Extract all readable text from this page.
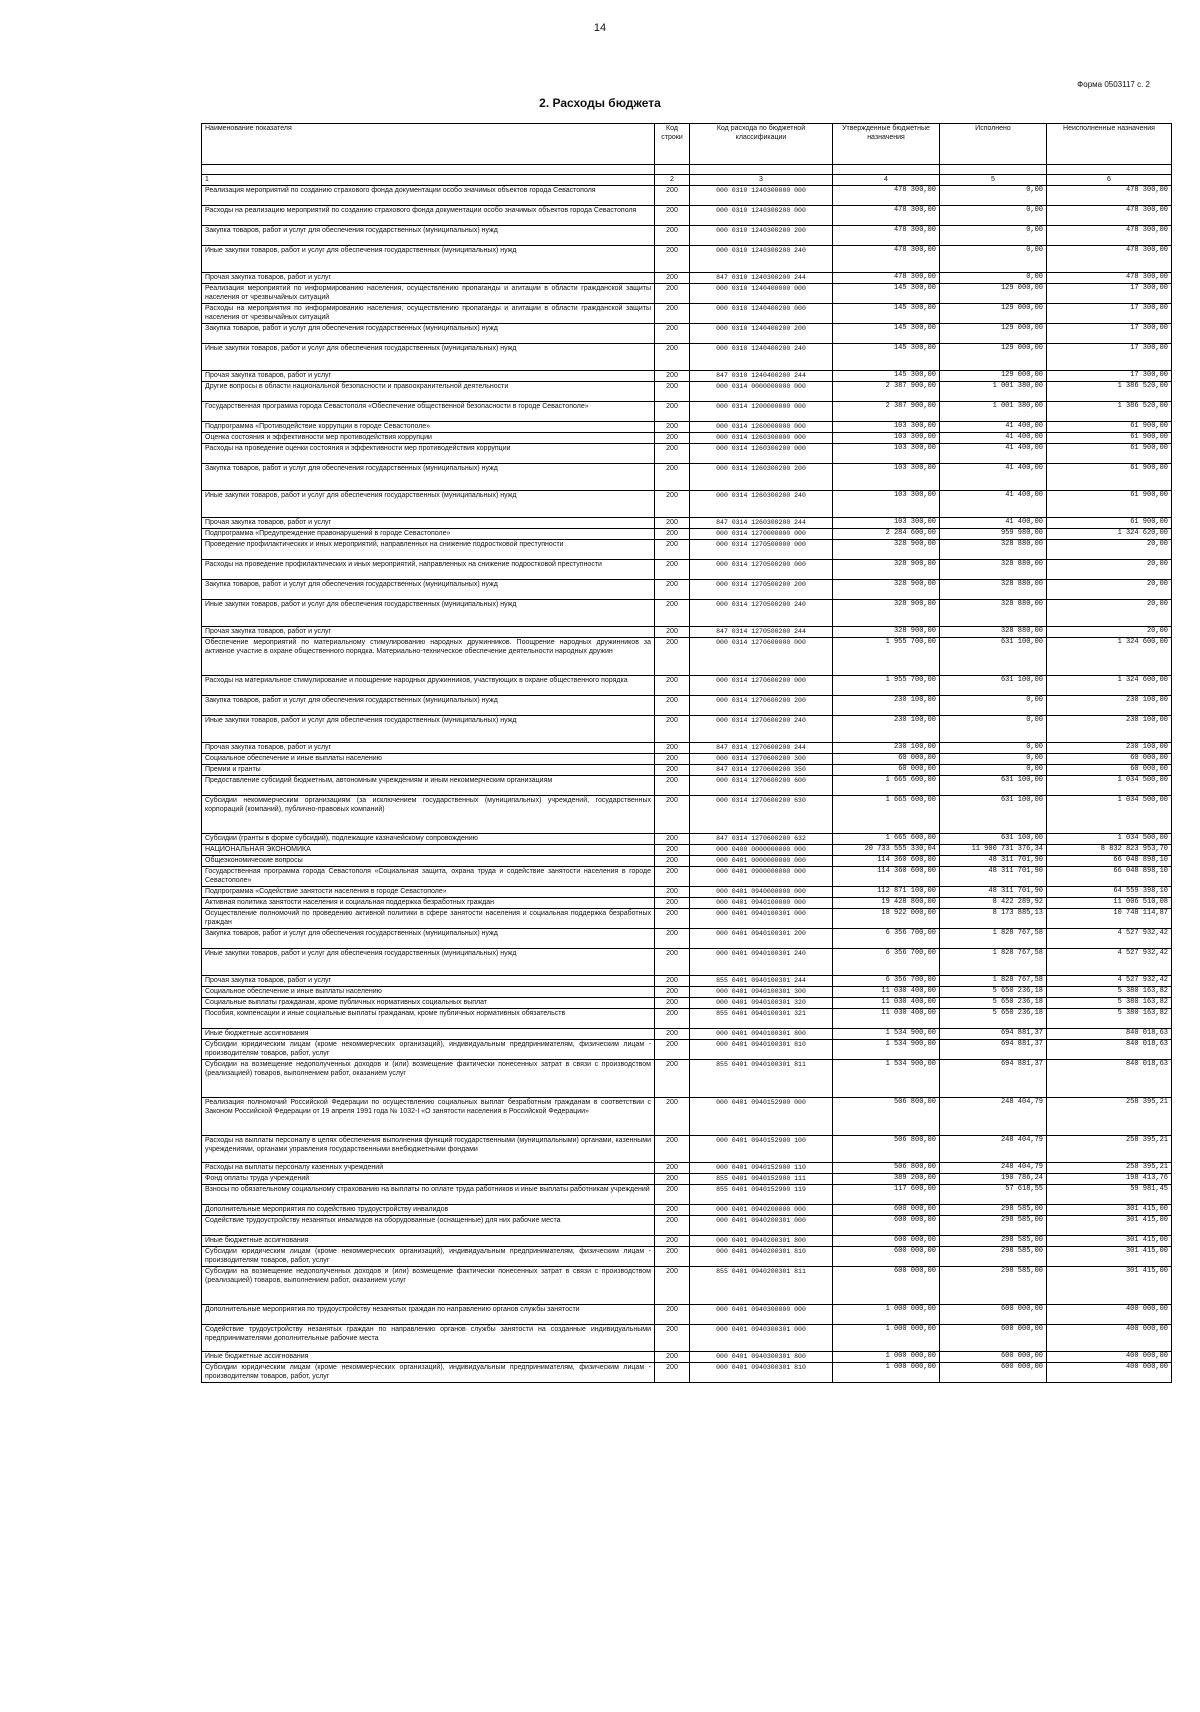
14
Форма 0503117 с. 2
2. Расходы бюджета
Наименование показателя	Код строки	Код расхода по бюджетной классификации	Утвержденные бюджетные назначения	Исполнено	Неисполненные назначения

1	2	3	4	5	6
Реализация мероприятий по созданию страхового фонда документации особо значимых объектов города Севастополя	200	000 0310 1240300000 000	478 300,00	0,00	478 300,00
Расходы на реализацию мероприятий по созданию страхового фонда документации особо значимых объектов города Севастополя	200	000 0310 1240300200 000	478 300,00	0,00	478 300,00
Закупка товаров, работ и услуг для обеспечения государственных (муниципальных) нужд	200	000 0310 1240300200 200	478 300,00	0,00	478 300,00
Иные закупки товаров, работ и услуг для обеспечения государственных (муниципальных) нужд	200	000 0310 1240300200 240	478 300,00	0,00	478 300,00
Прочая закупка товаров, работ и услуг	200	847 0310 1240300200 244	478 300,00	0,00	478 300,00
Реализация мероприятий по информированию населения, осуществлению пропаганды и агитации в области гражданской защиты населения от чрезвычайных ситуаций	200	000 0310 1240400000 000	145 300,00	129 000,00	17 300,00
Расходы на мероприятия по информированию населения, осуществлению пропаганды и агитации в области гражданской защиты населения от чрезвычайных ситуаций	200	000 0310 1240400200 000	145 300,00	129 000,00	17 300,00
Закупка товаров, работ и услуг для обеспечения государственных (муниципальных) нужд	200	000 0310 1240400200 200	145 300,00	129 000,00	17 300,00
Иные закупки товаров, работ и услуг для обеспечения государственных (муниципальных) нужд	200	000 0310 1240400200 240	145 300,00	129 000,00	17 300,00
Прочая закупка товаров, работ и услуг	200	847 0310 1240400200 244	145 300,00	129 000,00	17 300,00
Другие вопросы в области национальной безопасности и правоохранительной деятельности	200	000 0314 0000000000 000	2 387 900,00	1 001 380,00	1 386 520,00
Государственная программа города Севастополя «Обеспечение общественной безопасности в городе Севастополе»	200	000 0314 1200000000 000	2 387 900,00	1 001 380,00	1 386 520,00
Подпрограмма «Противодействие коррупции в городе Севастополе»	200	000 0314 1260000000 000	103 300,00	41 400,00	61 900,00
Оценка состояния и эффективности мер противодействия коррупции	200	000 0314 1260300000 000	103 300,00	41 400,00	61 900,00
Расходы на проведение оценки состояния и эффективности мер противодействия коррупции	200	000 0314 1260300200 000	103 300,00	41 400,00	61 900,00
Закупка товаров, работ и услуг для обеспечения государственных (муниципальных) нужд	200	000 0314 1260300200 200	103 300,00	41 400,00	61 900,00
Иные закупки товаров, работ и услуг для обеспечения государственных (муниципальных) нужд	200	000 0314 1260300200 240	103 300,00	41 400,00	61 900,00
Прочая закупка товаров, работ и услуг	200	847 0314 1260300200 244	103 300,00	41 400,00	61 900,00
Подпрограмма «Предупреждение правонарушений в городе Севастополе»	200	000 0314 1270000000 000	2 284 600,00	959 980,00	1 324 620,00
Проведение профилактических и иных мероприятий, направленных на снижение подростковой преступности	200	000 0314 1270500000 000	328 900,00	328 880,00	20,00
Расходы на проведение профилактических и иных мероприятий, направленных на снижение подростковой преступности	200	000 0314 1270500200 000	328 900,00	328 880,00	20,00
Закупка товаров, работ и услуг для обеспечения государственных (муниципальных) нужд	200	000 0314 1270500200 200	328 900,00	328 880,00	20,00
Иные закупки товаров, работ и услуг для обеспечения государственных (муниципальных) нужд	200	000 0314 1270500200 240	328 900,00	328 880,00	20,00
Прочая закупка товаров, работ и услуг	200	847 0314 1270500200 244	328 900,00	328 880,00	20,00
Обеспечение мероприятий по материальному стимулированию народных дружинников. Поощрение народных дружинников за активное участие в охране общественного порядка. Материально-техническое обеспечение деятельности народных дружин	200	000 0314 1270600000 000	1 955 700,00	631 100,00	1 324 600,00
Расходы на материальное стимулирование и поощрение народных дружинников, участвующих в охране общественного порядка	200	000 0314 1270600200 000	1 955 700,00	631 100,00	1 324 600,00
Закупка товаров, работ и услуг для обеспечения государственных (муниципальных) нужд	200	000 0314 1270600200 200	230 100,00	0,00	230 100,00
Иные закупки товаров, работ и услуг для обеспечения государственных (муниципальных) нужд	200	000 0314 1270600200 240	230 100,00	0,00	230 100,00
Прочая закупка товаров, работ и услуг	200	847 0314 1270600200 244	230 100,00	0,00	230 100,00
Социальное обеспечение и иные выплаты населению	200	000 0314 1270600200 300	60 000,00	0,00	60 000,00
Премии и гранты	200	847 0314 1270600200 350	60 000,00	0,00	60 000,00
Предоставление субсидий бюджетным, автономным учреждениям и иным некоммерческим организациям	200	000 0314 1270600200 600	1 665 600,00	631 100,00	1 034 500,00
Субсидии некоммерческим организациям (за исключением государственных (муниципальных) учреждений, государственных корпораций (компаний), публично-правовых компаний)	200	000 0314 1270600200 630	1 665 600,00	631 100,00	1 034 500,00
Субсидии (гранты в форме субсидий), подлежащие казначейскому сопровождению	200	847 0314 1270600200 632	1 665 600,00	631 100,00	1 034 500,00
НАЦИОНАЛЬНАЯ ЭКОНОМИКА	200	000 0400 0000000000 000	20 733 555 330,04	11 900 731 376,34	8 832 823 953,70
Общеэкономические вопросы	200	000 0401 0000000000 000	114 360 600,00	48 311 701,90	66 048 898,10
Государственная программа города Севастополя «Социальная защита, охрана труда и содействие занятости населения в городе Севастополе»	200	000 0401 0900000000 000	114 360 600,00	48 311 701,90	66 048 898,10
Подпрограмма «Содействие занятости населения в городе Севастополе»	200	000 0401 0940000000 000	112 871 100,00	48 311 701,90	64 559 398,10
Активная политика занятости населения и социальная поддержка безработных граждан	200	000 0401 0940100000 000	19 428 800,00	8 422 289,92	11 006 510,08
Осуществление полномочий по проведению активной политики в сфере занятости населения и социальная поддержка безработных граждан	200	000 0401 0940100301 000	18 922 000,00	8 173 885,13	10 748 114,87
Закупка товаров, работ и услуг для обеспечения государственных (муниципальных) нужд	200	000 0401 0940100301 200	6 356 700,00	1 828 767,58	4 527 932,42
Иные закупки товаров, работ и услуг для обеспечения государственных (муниципальных) нужд	200	000 0401 0940100301 240	6 356 700,00	1 828 767,58	4 527 932,42
Прочая закупка товаров, работ и услуг	200	855 0401 0940100301 244	6 356 700,00	1 828 767,58	4 527 932,42
Социальное обеспечение и иные выплаты населению	200	000 0401 0940100301 300	11 030 400,00	5 650 236,18	5 380 163,82
Социальные выплаты гражданам, кроме публичных нормативных социальных выплат	200	000 0401 0940100301 320	11 030 400,00	5 650 236,18	5 380 163,82
Пособия, компенсации и иные социальные выплаты гражданам, кроме публичных нормативных обязательств	200	855 0401 0940100301 321	11 030 400,00	5 650 236,18	5 380 163,82
Иные бюджетные ассигнования	200	000 0401 0940100301 800	1 534 900,00	694 881,37	840 018,63
Субсидии юридическим лицам (кроме некоммерческих организаций), индивидуальным предпринимателям, физическим лицам - производителям товаров, работ, услуг	200	000 0401 0940100301 810	1 534 900,00	694 881,37	840 018,63
Субсидии на возмещение недополученных доходов и (или) возмещение фактически понесенных затрат в связи с производством (реализацией) товаров, выполнением работ, оказанием услуг	200	855 0401 0940100301 811	1 534 900,00	694 881,37	840 018,63
Реализация полномочий Российской Федерации по осуществлению социальных выплат безработным гражданам в соответствии с Законом Российской Федерации от 19 апреля 1991 года № 1032-I «О занятости населения в Российской Федерации»	200	000 0401 0940152900 000	506 800,00	248 404,79	258 395,21
Расходы на выплаты персоналу в целях обеспечения выполнения функций государственными (муниципальными) органами, казенными учреждениями, органами управления государственными внебюджетными фондами	200	000 0401 0940152900 100	506 800,00	248 404,79	258 395,21
Расходы на выплаты персоналу казенных учреждений	200	000 0401 0940152900 110	506 800,00	248 404,79	258 395,21
Фонд оплаты труда учреждений	200	855 0401 0940152900 111	389 200,00	190 786,24	198 413,76
Взносы по обязательному социальному страхованию на выплаты по оплате труда работников и иные выплаты работникам учреждений	200	855 0401 0940152900 119	117 600,00	57 618,55	59 981,45
Дополнительные мероприятия по содействию трудоустройству инвалидов	200	000 0401 0940200000 000	600 000,00	298 585,00	301 415,00
Содействие трудоустройству незанятых инвалидов на оборудованные (оснащенные) для них рабочие места	200	000 0401 0940200301 000	600 000,00	298 585,00	301 415,00
Иные бюджетные ассигнования	200	000 0401 0940200301 800	600 000,00	298 585,00	301 415,00
Субсидии юридическим лицам (кроме некоммерческих организаций), индивидуальным предпринимателям, физическим лицам - производителям товаров, работ, услуг	200	000 0401 0940200301 810	600 000,00	298 585,00	301 415,00
Субсидии на возмещение недополученных доходов и (или) возмещение фактически понесенных затрат в связи с производством (реализацией) товаров, выполнением работ, оказанием услуг	200	855 0401 0940200301 811	600 000,00	298 585,00	301 415,00
Дополнительные мероприятия по трудоустройству незанятых граждан по направлению органов службы занятости	200	000 0401 0940300000 000	1 000 000,00	600 000,00	400 000,00
Содействие трудоустройству незанятых граждан по направлению органов службы занятости на созданные индивидуальными предпринимателями дополнительные рабочие места	200	000 0401 0940300301 000	1 000 000,00	600 000,00	400 000,00
Иные бюджетные ассигнования	200	000 0401 0940300301 800	1 000 000,00	600 000,00	400 000,00
Субсидии юридическим лицам (кроме некоммерческих организаций), индивидуальным предпринимателям, физическим лицам - производителям товаров, работ, услуг	200	000 0401 0940300301 810	1 000 000,00	600 000,00	400 000,00
